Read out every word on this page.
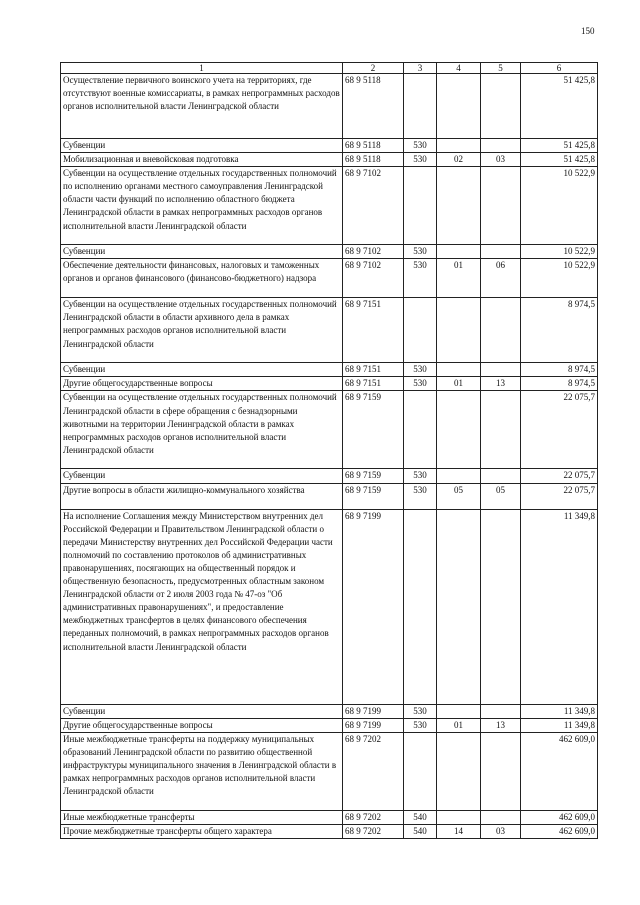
150
1	2	3	4	5	6
Осуществление первичного воинского учета на территориях, где отсутствуют военные комиссариаты, в рамках непрограммных расходов органов исполнительной власти Ленинградской области	68 9 5118				51 425,8
Субвенции	68 9 5118	530			51 425,8
Мобилизационная и вневойсковая подготовка	68 9 5118	530	02	03	51 425,8
Субвенции на осуществление отдельных государственных полномочий по исполнению органами местного самоуправления Ленинградской области части функций по исполнению областного бюджета Ленинградской области в рамках непрограммных расходов органов исполнительной власти Ленинградской области	68 9 7102				10 522,9
Субвенции	68 9 7102	530			10 522,9
Обеспечение деятельности финансовых, налоговых и таможенных органов и органов финансового (финансово-бюджетного) надзора	68 9 7102	530	01	06	10 522,9
Субвенции на осуществление отдельных государственных полномочий Ленинградской области в области архивного дела в рамках непрограммных расходов органов исполнительной власти Ленинградской области	68 9 7151				8 974,5
Субвенции	68 9 7151	530			8 974,5
Другие общегосударственные вопросы	68 9 7151	530	01	13	8 974,5
Субвенции на осуществление отдельных государственных полномочий Ленинградской области в сфере обращения с безнадзорными животными на территории Ленинградской области в рамках непрограммных расходов органов исполнительной власти Ленинградской области	68 9 7159				22 075,7
Субвенции	68 9 7159	530			22 075,7
Другие вопросы в области жилищно-коммунального хозяйства	68 9 7159	530	05	05	22 075,7
На исполнение Соглашения между Министерством внутренних дел Российской Федерации и Правительством Ленинградской области о передачи Министерству внутренних дел Российской Федерации части полномочий по составлению протоколов об административных правонарушениях, посягающих на общественный порядок и общественную безопасность, предусмотренных областным законом Ленинградской области от 2 июля 2003 года № 47-оз "Об административных правонарушениях", и предоставление межбюджетных трансфертов в целях финансового обеспечения переданных полномочий, в рамках непрограммных расходов органов исполнительной власти Ленинградской области	68 9 7199				11 349,8
Субвенции	68 9 7199	530			11 349,8
Другие общегосударственные вопросы	68 9 7199	530	01	13	11 349,8
Иные межбюджетные трансферты на поддержку муниципальных образований Ленинградской области по развитию общественной инфраструктуры муниципального значения в Ленинградской области в рамках непрограммных расходов органов исполнительной власти Ленинградской области	68 9 7202				462 609,0
Иные межбюджетные трансферты	68 9 7202	540			462 609,0
Прочие межбюджетные трансферты общего характера	68 9 7202	540	14	03	462 609,0
